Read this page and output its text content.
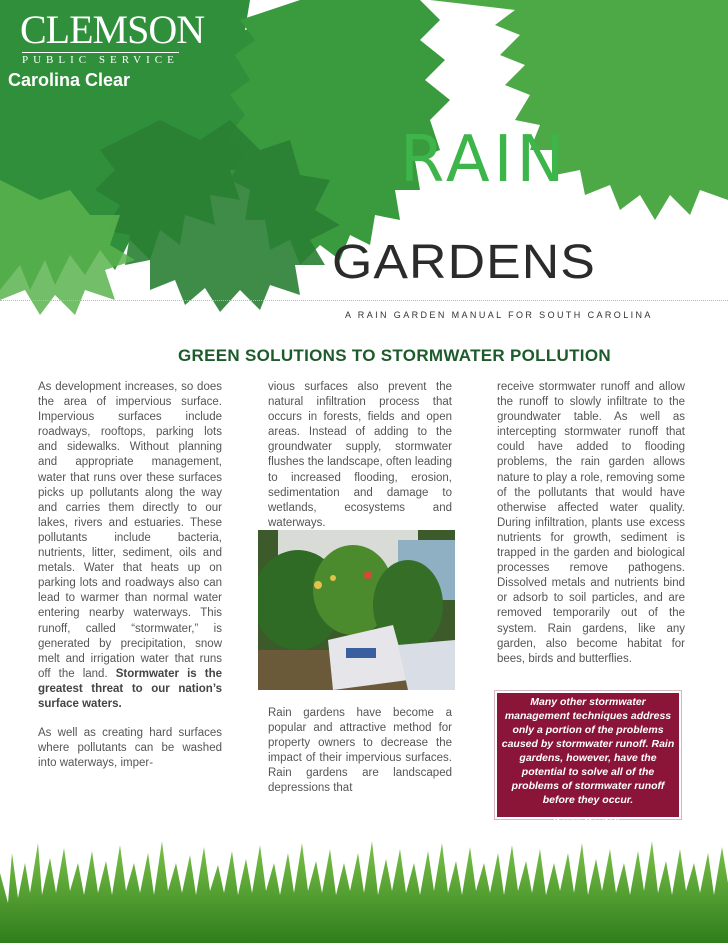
CLEMSON
PUBLIC SERVICE
Carolina Clear
RAIN
GARDENS
A RAIN GARDEN MANUAL FOR SOUTH CAROLINA
GREEN SOLUTIONS TO STORMWATER POLLUTION

As development increases, so does the area of impervious surface. Impervious surfaces include roadways, rooftops, parking lots and sidewalks. Without planning and appropriate management, water that runs over these surfaces picks up pollutants along the way and carries them directly to our lakes, rivers and estuaries. These pollutants include bacteria, nutrients, litter, sediment, oils and metals. Water that heats up on parking lots and roadways also can lead to warmer than normal water entering nearby waterways. This runoff, called “stormwater,” is generated by precipitation, snow melt and irrigation water that runs off the land. Stormwater is the greatest threat to our nation’s surface waters.

As well as creating hard surfaces where pollutants can be washed into waterways, imper-

vious surfaces also prevent the natural infiltration process that occurs in forests, fields and open areas. Instead of adding to the groundwater supply, stormwater flushes the landscape, often leading to increased flooding, erosion, sedimentation and damage to wetlands, ecosystems and waterways.

Rain gardens have become a popular and attractive method for property owners to decrease the impact of their impervious surfaces. Rain gardens are landscaped depressions that

receive stormwater runoff and allow the runoff to slowly infiltrate to the groundwater table. As well as intercepting stormwater runoff that could have added to flooding problems, the rain garden allows nature to play a role, removing some of the pollutants that would have otherwise affected water quality. During infiltration, plants use excess nutrients for growth, sediment is trapped in the garden and biological processes remove pathogens. Dissolved metals and nutrients bind or adsorb to soil particles, and are removed temporarily out of the system. Rain gardens, like any garden, also become habitat for bees, birds and butterflies.

Many other stormwater management techniques address only a portion of the problems caused by stormwater runoff. Rain gardens, however, have the potential to solve all of the problems of stormwater runoff before they occur.
Kevin Beutell,
Stormwater, October 2008
